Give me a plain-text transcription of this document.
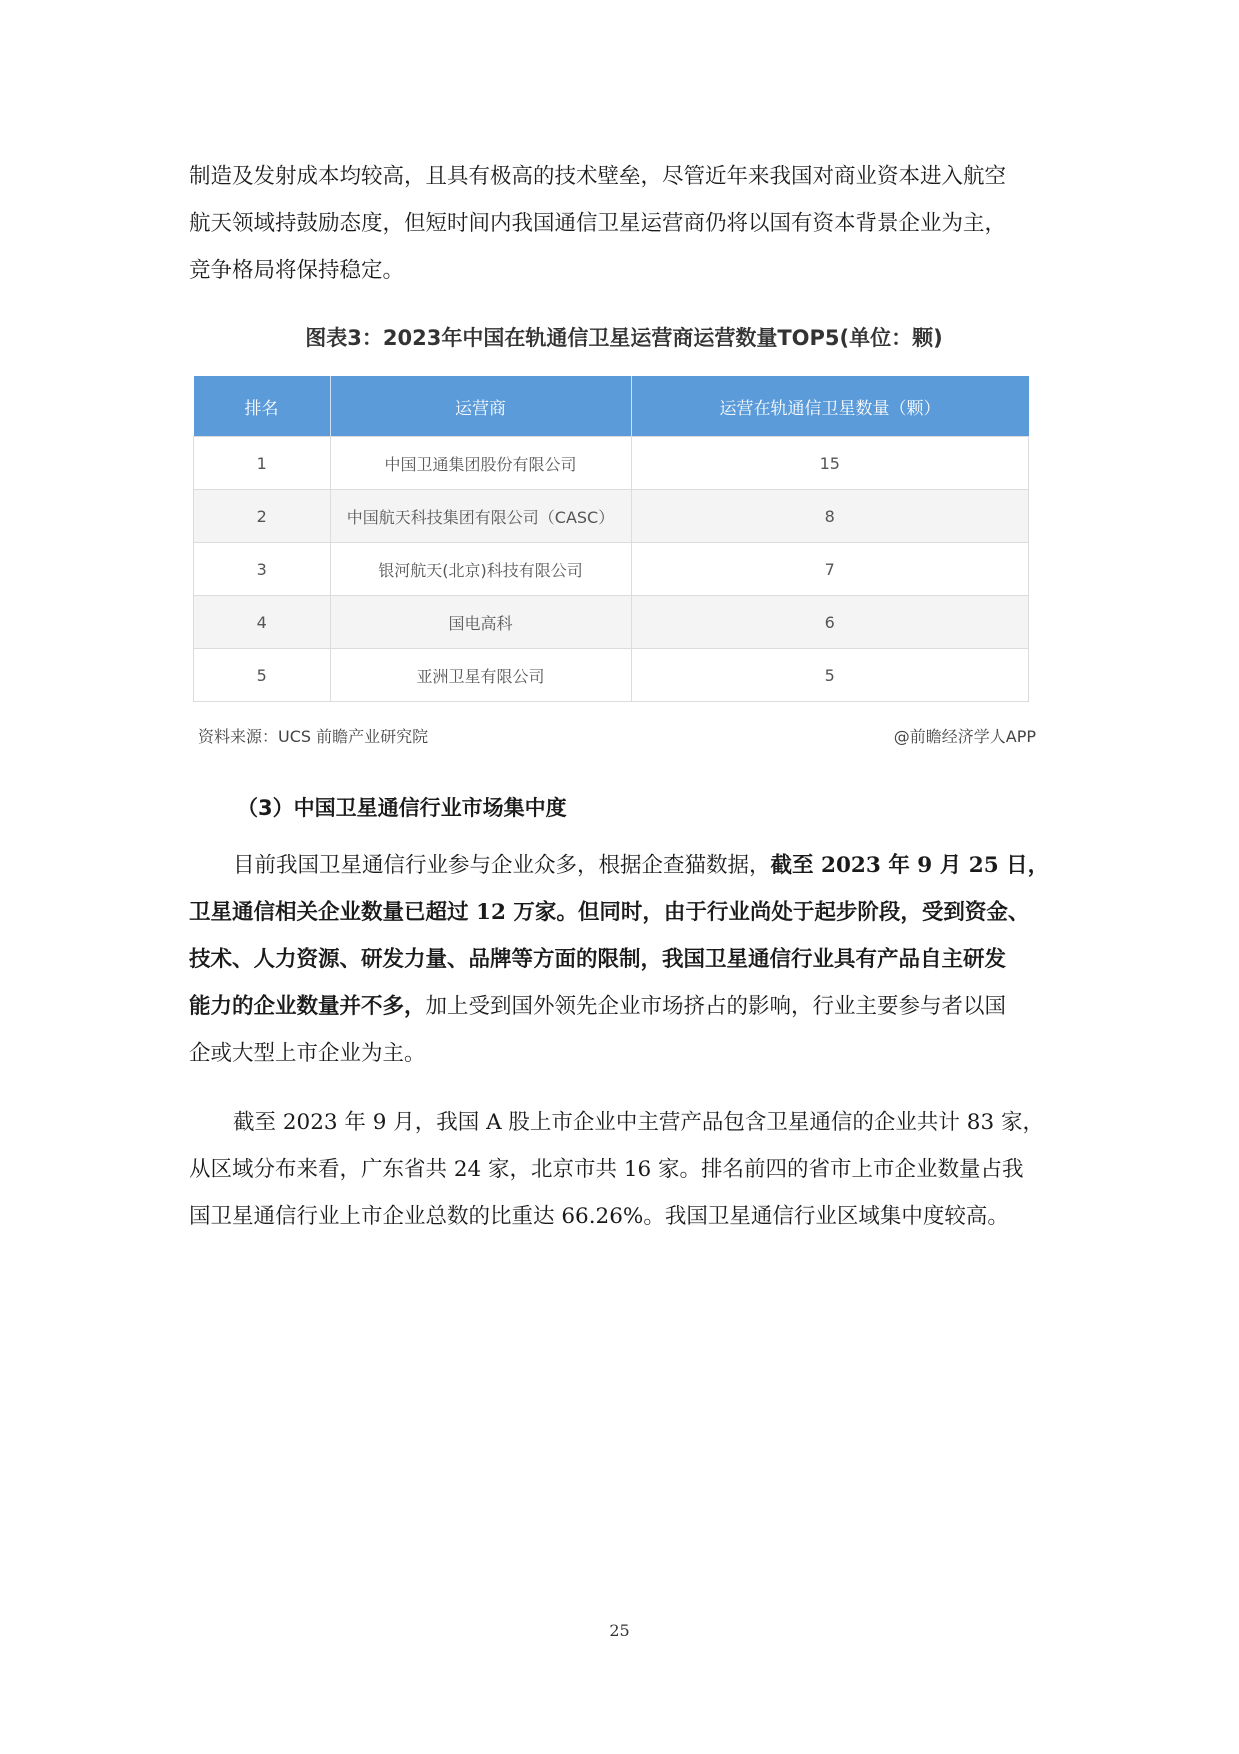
制造及发射成本均较高，且具有极高的技术壁垒，尽管近年来我国对商业资本进入航空

航天领域持鼓励态度，但短时间内我国通信卫星运营商仍将以国有资本背景企业为主，

竞争格局将保持稳定。

图表3：2023年中国在轨通信卫星运营商运营数量TOP5(单位：颗)
排名	运营商	运营在轨通信卫星数量（颗）
1	中国卫通集团股份有限公司	15
2	中国航天科技集团有限公司（CASC）	8
3	银河航天(北京)科技有限公司	7
4	国电高科	6
5	亚洲卫星有限公司	5
资料来源：UCS 前瞻产业研究院	@前瞻经济学人APP
（3）中国卫星通信行业市场集中度

目前我国卫星通信行业参与企业众多，根据企查猫数据，截至 2023 年 9 月 25 日，

卫星通信相关企业数量已超过 12 万家。但同时，由于行业尚处于起步阶段，受到资金、

技术、人力资源、研发力量、品牌等方面的限制，我国卫星通信行业具有产品自主研发

能力的企业数量并不多，加上受到国外领先企业市场挤占的影响，行业主要参与者以国

企或大型上市企业为主。

截至 2023 年 9 月，我国 A 股上市企业中主营产品包含卫星通信的企业共计 83 家，

从区域分布来看，广东省共 24 家，北京市共 16 家。排名前四的省市上市企业数量占我

国卫星通信行业上市企业总数的比重达 66.26%。我国卫星通信行业区域集中度较高。

25
